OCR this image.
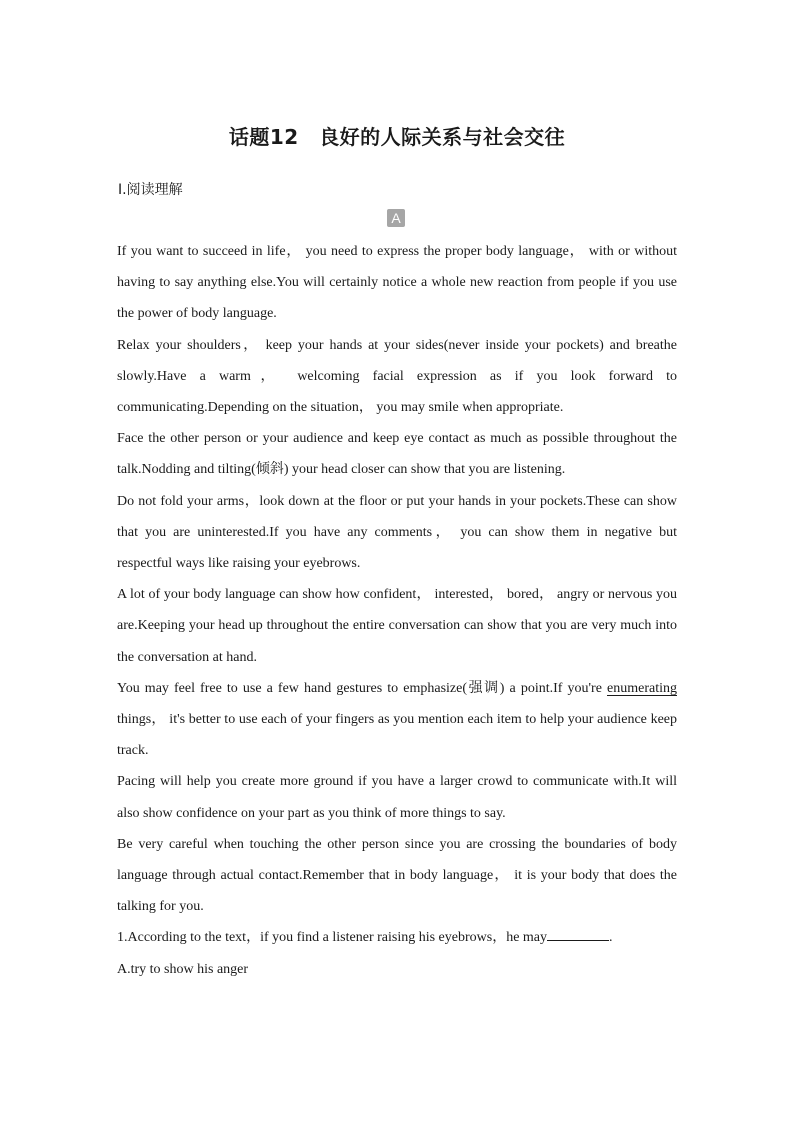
话题12　良好的人际关系与社会交往
Ⅰ.阅读理解
A

If you want to succeed in life， you need to express the proper body language， with or without having to say anything else.You will certainly notice a whole new reaction from people if you use the power of body language.

Relax your shoulders， keep your hands at your sides(never inside your pockets) and breathe slowly.Have a warm， welcoming facial expression as if you look forward to communicating.Depending on the situation， you may smile when appropriate.

Face the other person or your audience and keep eye contact as much as possible throughout the talk.Nodding and tilting(倾斜) your head closer can show that you are listening.

Do not fold your arms，look down at the floor or put your hands in your pockets.These can show that you are uninterested.If you have any comments， you can show them in negative but respectful ways like raising your eyebrows.

A lot of your body language can show how confident， interested， bored， angry or nervous you are.Keeping your head up throughout the entire conversation can show that you are very much into the conversation at hand.

You may feel free to use a few hand gestures to emphasize(强调) a point.If you're enumerating things， it's better to use each of your fingers as you mention each item to help your audience keep track.

Pacing will help you create more ground if you have a larger crowd to communicate with.It will also show confidence on your part as you think of more things to say.

Be very careful when touching the other person since you are crossing the boundaries of body language through actual contact.Remember that in body language， it is your body that does the talking for you.

1.According to the text，if you find a listener raising his eyebrows，he may	.

A.try to show his anger
